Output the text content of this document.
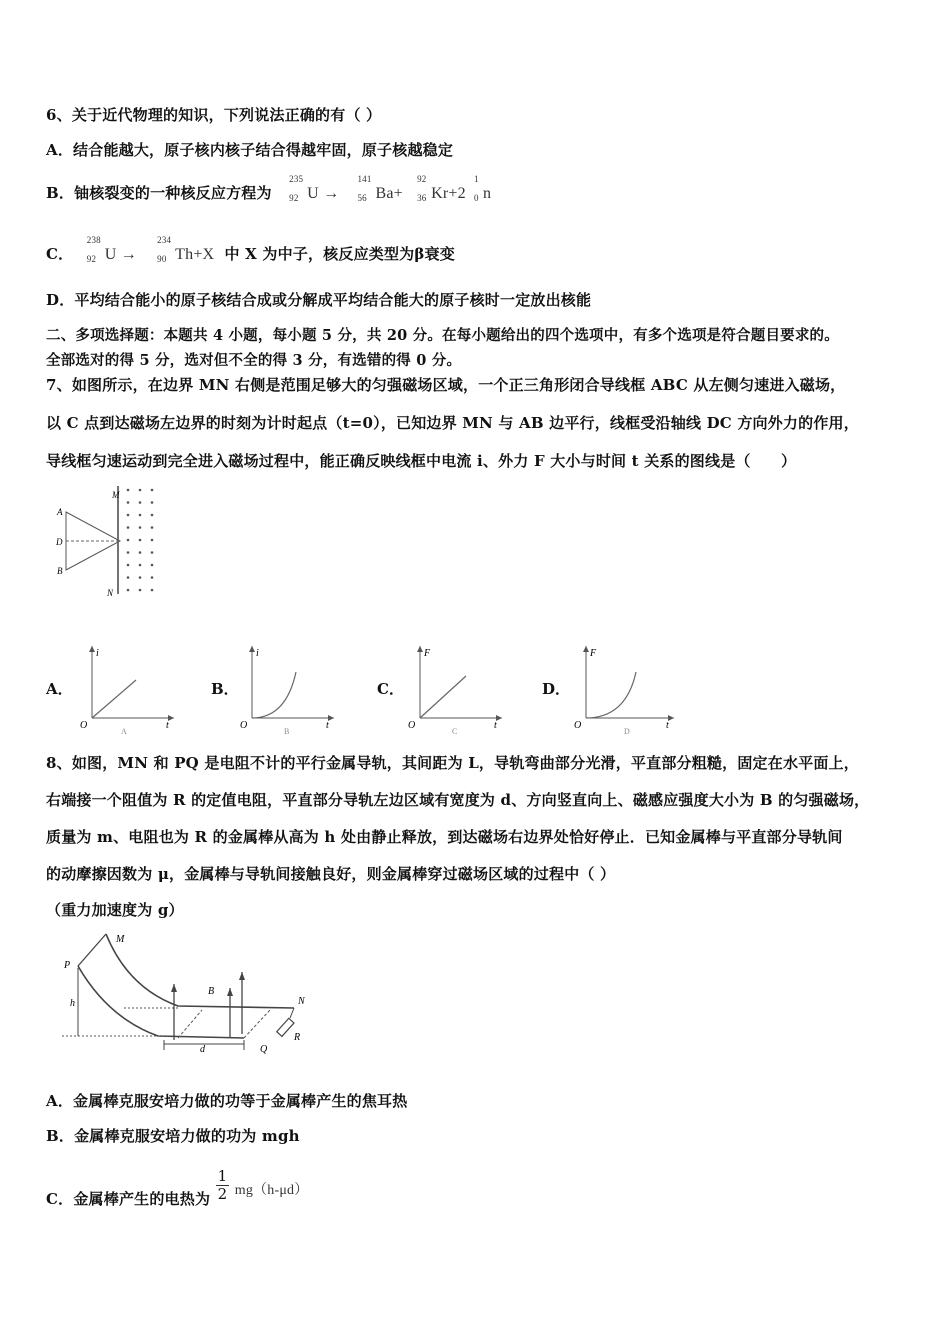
6、关于近代物理的知识，下列说法正确的有（ ）
A．结合能越大，原子核内核子结合得越牢固，原子核越稳定
B．铀核裂变的一种核反应方程为
235
92 U →
141
56 Ba+
92
36 Kr+2
1
0 n
C．
238
92 U →
234
90 Th+X 中 X 为中子，核反应类型为β衰变
D．平均结合能小的原子核结合成或分解成平均结合能大的原子核时一定放出核能
二、多项选择题：本题共 4 小题，每小题 5 分，共 20 分。在每小题给出的四个选项中，有多个选项是符合题目要求的。
全部选对的得 5 分，选对但不全的得 3 分，有选错的得 0 分。
7、如图所示，在边界 MN 右侧是范围足够大的匀强磁场区域，一个正三角形闭合导线框 ABC 从左侧匀速进入磁场，
以 C 点到达磁场左边界的时刻为计时起点（t=0），已知边界 MN 与 AB 边平行，线框受沿轴线 DC 方向外力的作用，
导线框匀速运动到完全进入磁场过程中，能正确反映线框中电流 i、外力 F 大小与时间 t 关系的图线是（　　）
M
N
A
D
B
A．	B．	C．	D．
i
O	t
A
i
O	t
B
F
O	t
C
F
O	t
D
8、如图，MN 和 PQ 是电阻不计的平行金属导轨，其间距为 L，导轨弯曲部分光滑，平直部分粗糙，固定在水平面上，
右端接一个阻值为 R 的定值电阻，平直部分导轨左边区域有宽度为 d、方向竖直向上、磁感应强度大小为 B 的匀强磁场，
质量为 m、电阻也为 R 的金属棒从高为 h 处由静止释放，到达磁场右边界处恰好停止．已知金属棒与平直部分导轨间
的动摩擦因数为 μ，金属棒与导轨间接触良好，则金属棒穿过磁场区域的过程中（ ）
（重力加速度为 g）
M
P
h
B
N
R
d	Q
A．金属棒克服安培力做的功等于金属棒产生的焦耳热
B．金属棒克服安培力做的功为 mgh
C．金属棒产生的电热为 $\frac{1}{2} mg(h-\mu d)$
